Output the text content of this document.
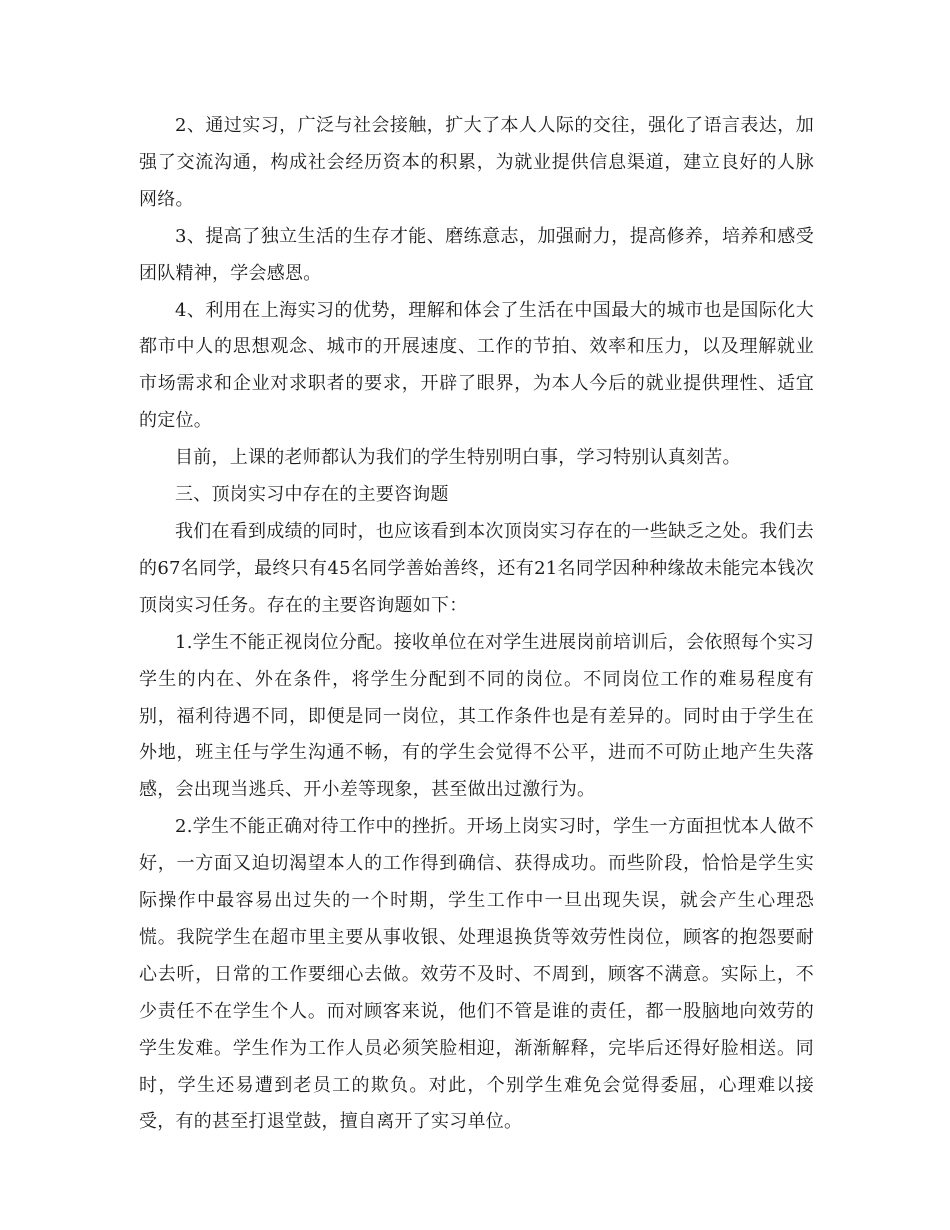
2、通过实习，广泛与社会接触，扩大了本人人际的交往，强化了语言表达，加强了交流沟通，构成社会经历资本的积累，为就业提供信息渠道，建立良好的人脉网络。

3、提高了独立生活的生存才能、磨练意志，加强耐力，提高修养，培养和感受团队精神，学会感恩。

4、利用在上海实习的优势，理解和体会了生活在中国最大的城市也是国际化大都市中人的思想观念、城市的开展速度、工作的节拍、效率和压力，以及理解就业市场需求和企业对求职者的要求，开辟了眼界，为本人今后的就业提供理性、适宜的定位。

目前，上课的老师都认为我们的学生特别明白事，学习特别认真刻苦。

三、顶岗实习中存在的主要咨询题

我们在看到成绩的同时，也应该看到本次顶岗实习存在的一些缺乏之处。我们去的67名同学，最终只有45名同学善始善终，还有21名同学因种种缘故未能完本钱次顶岗实习任务。存在的主要咨询题如下：

1.学生不能正视岗位分配。接收单位在对学生进展岗前培训后，会依照每个实习学生的内在、外在条件，将学生分配到不同的岗位。不同岗位工作的难易程度有别，福利待遇不同，即便是同一岗位，其工作条件也是有差异的。同时由于学生在外地，班主任与学生沟通不畅，有的学生会觉得不公平，进而不可防止地产生失落感，会出现当逃兵、开小差等现象，甚至做出过激行为。

2.学生不能正确对待工作中的挫折。开场上岗实习时，学生一方面担忧本人做不好，一方面又迫切渴望本人的工作得到确信、获得成功。而些阶段，恰恰是学生实际操作中最容易出过失的一个时期，学生工作中一旦出现失误，就会产生心理恐慌。我院学生在超市里主要从事收银、处理退换货等效劳性岗位，顾客的抱怨要耐心去听，日常的工作要细心去做。效劳不及时、不周到，顾客不满意。实际上，不少责任不在学生个人。而对顾客来说，他们不管是谁的责任，都一股脑地向效劳的学生发难。学生作为工作人员必须笑脸相迎，渐渐解释，完毕后还得好脸相送。同时，学生还易遭到老员工的欺负。对此，个别学生难免会觉得委屈，心理难以接受，有的甚至打退堂鼓，擅自离开了实习单位。
